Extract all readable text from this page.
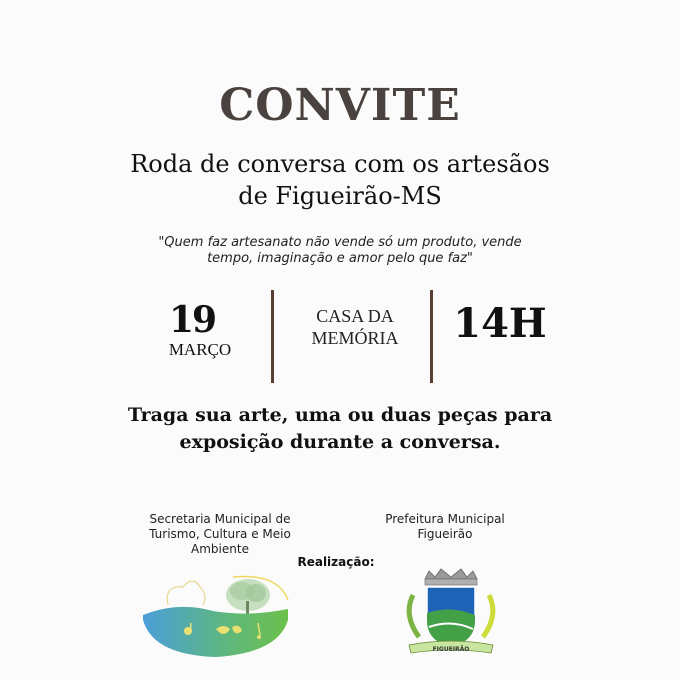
CONVITE
Roda de conversa com os artesãos
de Figueirão-MS
"Quem faz artesanato não vende só um produto, vende
tempo, imaginação e amor pelo que faz"
19
MARÇO
CASA DA
MEMÓRIA	14H
Traga sua arte, uma ou duas peças para
exposição durante a conversa.
Secretaria Municipal de
Turismo, Cultura e Meio
Ambiente
Prefeitura Municipal
Figueirão
Realização:
FIGUEIRÃO
